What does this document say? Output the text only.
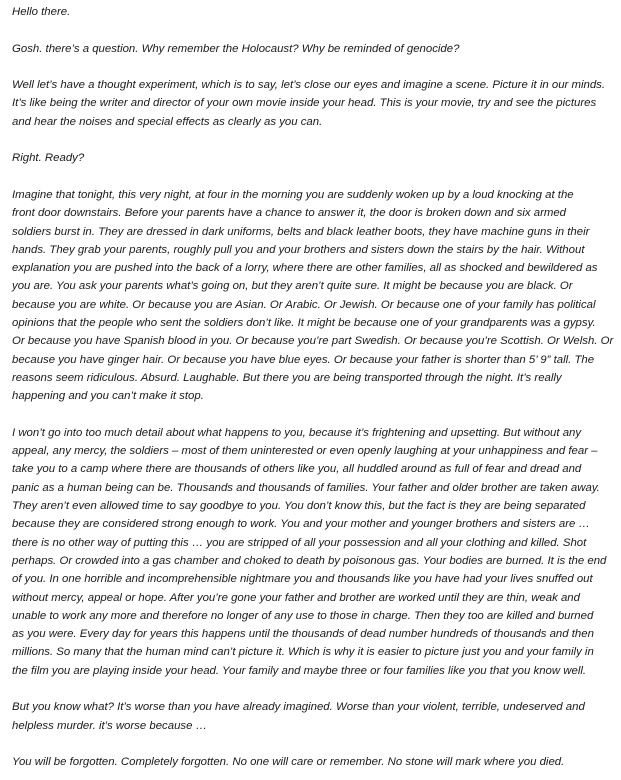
Hello there.

Gosh. there’s a question. Why remember the Holocaust? Why be reminded of genocide?

Well let’s have a thought experiment, which is to say, let’s close our eyes and imagine a scene. Picture it in our minds.
It’s like being the writer and director of your own movie inside your head. This is your movie, try and see the pictures
and hear the noises and special effects as clearly as you can.

Right. Ready?

Imagine that tonight, this very night, at four in the morning you are suddenly woken up by a loud knocking at the
front door downstairs. Before your parents have a chance to answer it, the door is broken down and six armed
soldiers burst in. They are dressed in dark uniforms, belts and black leather boots, they have machine guns in their
hands. They grab your parents, roughly pull you and your brothers and sisters down the stairs by the hair. Without
explanation you are pushed into the back of a lorry, where there are other families, all as shocked and bewildered as
you are. You ask your parents what’s going on, but they aren’t quite sure. It might be because you are black. Or
because you are white. Or because you are Asian. Or Arabic. Or Jewish. Or because one of your family has political
opinions that the people who sent the soldiers don’t like. It might be because one of your grandparents was a gypsy.
Or because you have Spanish blood in you. Or because you’re part Swedish. Or because you’re Scottish. Or Welsh. Or
because you have ginger hair. Or because you have blue eyes. Or because your father is shorter than 5’ 9” tall. The
reasons seem ridiculous. Absurd. Laughable. But there you are being transported through the night. It’s really
happening and you can’t make it stop.

I won’t go into too much detail about what happens to you, because it’s frightening and upsetting. But without any
appeal, any mercy, the soldiers – most of them uninterested or even openly laughing at your unhappiness and fear –
take you to a camp where there are thousands of others like you, all huddled around as full of fear and dread and
panic as a human being can be. Thousands and thousands of families. Your father and older brother are taken away.
They aren’t even allowed time to say goodbye to you. You don’t know this, but the fact is they are being separated
because they are considered strong enough to work. You and your mother and younger brothers and sisters are …
there is no other way of putting this … you are stripped of all your possession and all your clothing and killed. Shot
perhaps. Or crowded into a gas chamber and choked to death by poisonous gas. Your bodies are burned. It is the end
of you. In one horrible and incomprehensible nightmare you and thousands like you have had your lives snuffed out
without mercy, appeal or hope. After you’re gone your father and brother are worked until they are thin, weak and
unable to work any more and therefore no longer of any use to those in charge. Then they too are killed and burned
as you were. Every day for years this happens until the thousands of dead number hundreds of thousands and then
millions. So many that the human mind can’t picture it. Which is why it is easier to picture just you and your family in
the film you are playing inside your head. Your family and maybe three or four families like you that you know well.

But you know what? It’s worse than you have already imagined. Worse than your violent, terrible, undeserved and
helpless murder. it’s worse because …

You will be forgotten. Completely forgotten. No one will care or remember. No stone will mark where you died.
